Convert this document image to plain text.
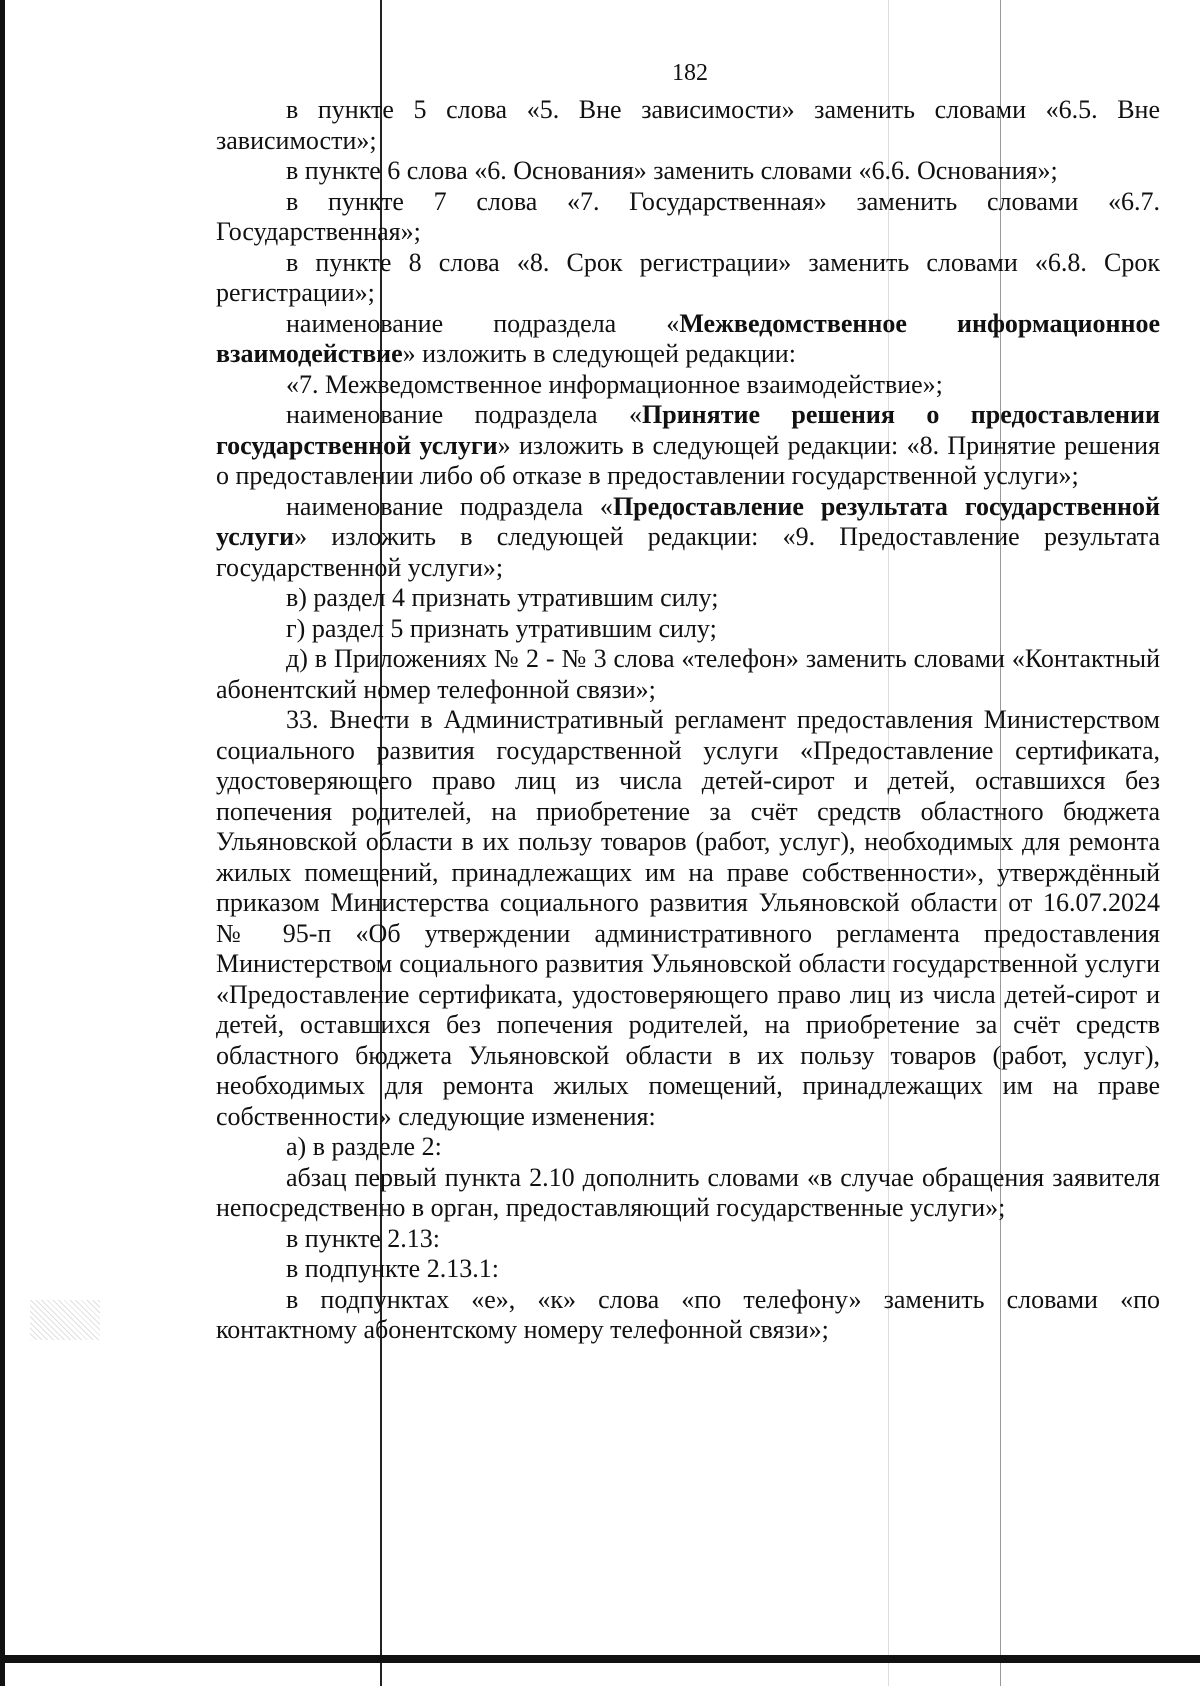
182

в пункте 5 слова «5. Вне зависимости» заменить словами «6.5. Вне зависимости»;

в пункте 6 слова «6. Основания» заменить словами «6.6. Основания»;

в пункте 7 слова «7. Государственная» заменить словами «6.7. Государственная»;

в пункте 8 слова «8. Срок регистрации» заменить словами «6.8. Срок регистрации»;

наименование подраздела «Межведомственное информационное взаимодействие» изложить в следующей редакции:

«7. Межведомственное информационное взаимодействие»;

наименование подраздела «Принятие решения о предоставлении государственной услуги» изложить в следующей редакции: «8. Принятие решения о предоставлении либо об отказе в предоставлении государственной услуги»;

наименование подраздела «Предоставление результата государственной услуги» изложить в следующей редакции: «9. Предоставление результата государственной услуги»;

в) раздел 4 признать утратившим силу;

г) раздел 5 признать утратившим силу;

д) в Приложениях № 2 - № 3 слова «телефон» заменить словами «Контактный абонентский номер телефонной связи»;

33. Внести в Административный регламент предоставления Министерством социального развития государственной услуги «Предоставление сертификата, удостоверяющего право лиц из числа детей-сирот и детей, оставшихся без попечения родителей, на приобретение за счёт средств областного бюджета Ульяновской области в их пользу товаров (работ, услуг), необходимых для ремонта жилых помещений, принадлежащих им на праве собственности», утверждённый приказом Министерства социального развития Ульяновской области от 16.07.2024 № 95-п «Об утверждении административного регламента предоставления Министерством социального развития Ульяновской области государственной услуги «Предоставление сертификата, удостоверяющего право лиц из числа детей-сирот и детей, оставшихся без попечения родителей, на приобретение за счёт средств областного бюджета Ульяновской области в их пользу товаров (работ, услуг), необходимых для ремонта жилых помещений, принадлежащих им на праве собственности» следующие изменения:

а) в разделе 2:

абзац первый пункта 2.10 дополнить словами «в случае обращения заявителя непосредственно в орган, предоставляющий государственные услуги»;

в пункте 2.13:

в подпункте 2.13.1:

в подпунктах «е», «к» слова «по телефону» заменить словами «по контактному абонентскому номеру телефонной связи»;
